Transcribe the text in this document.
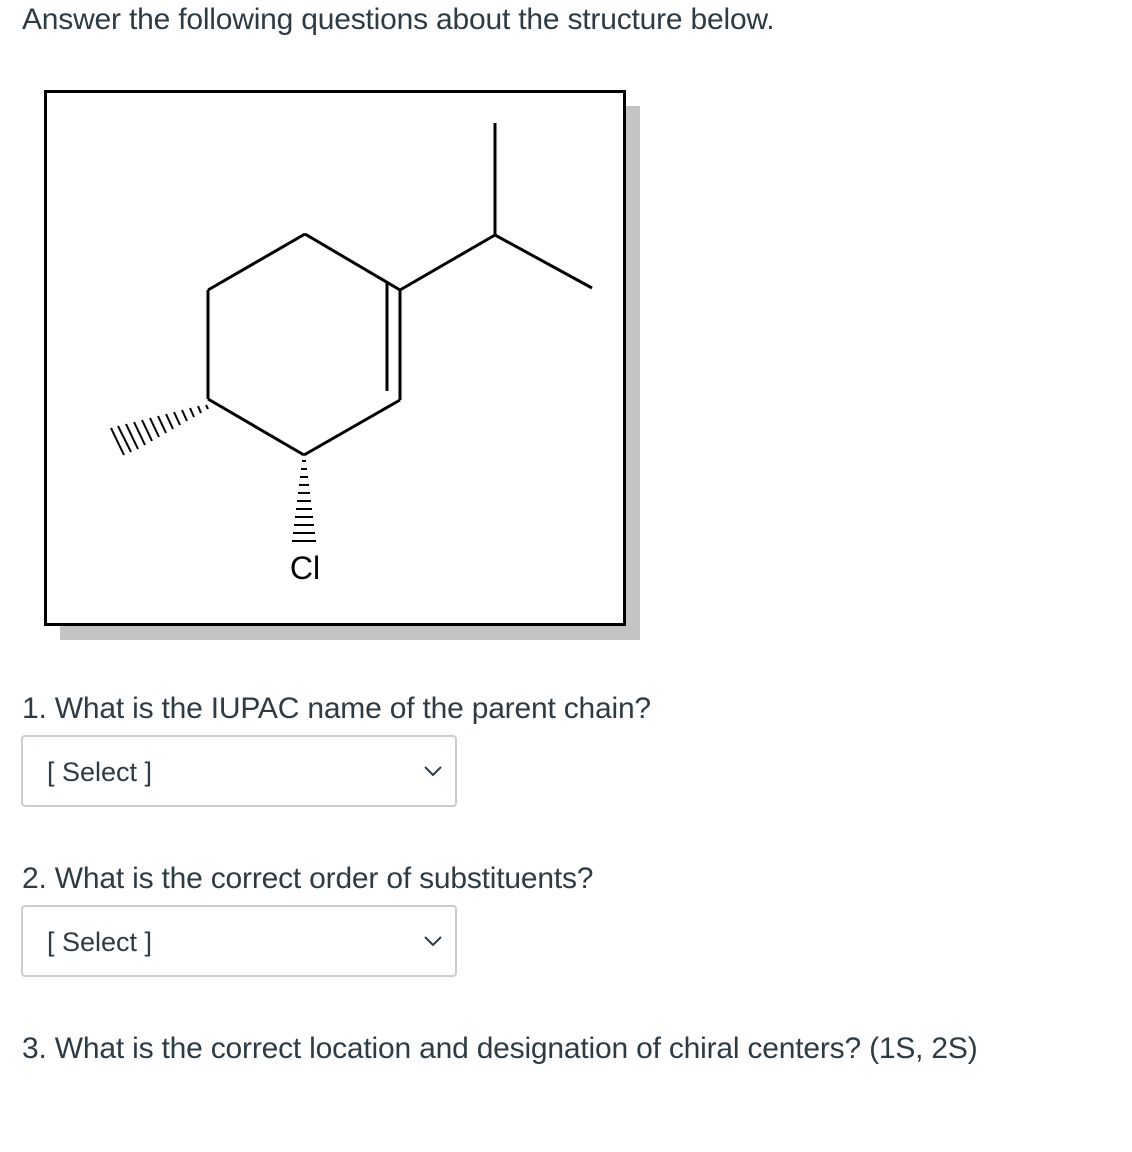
Answer the following questions about the structure below.

Cl

1. What is the IUPAC name of the parent chain?

[ Select ]

2. What is the correct order of substituents?

[ Select ]

3. What is the correct location and designation of chiral centers? (1S, 2S)
